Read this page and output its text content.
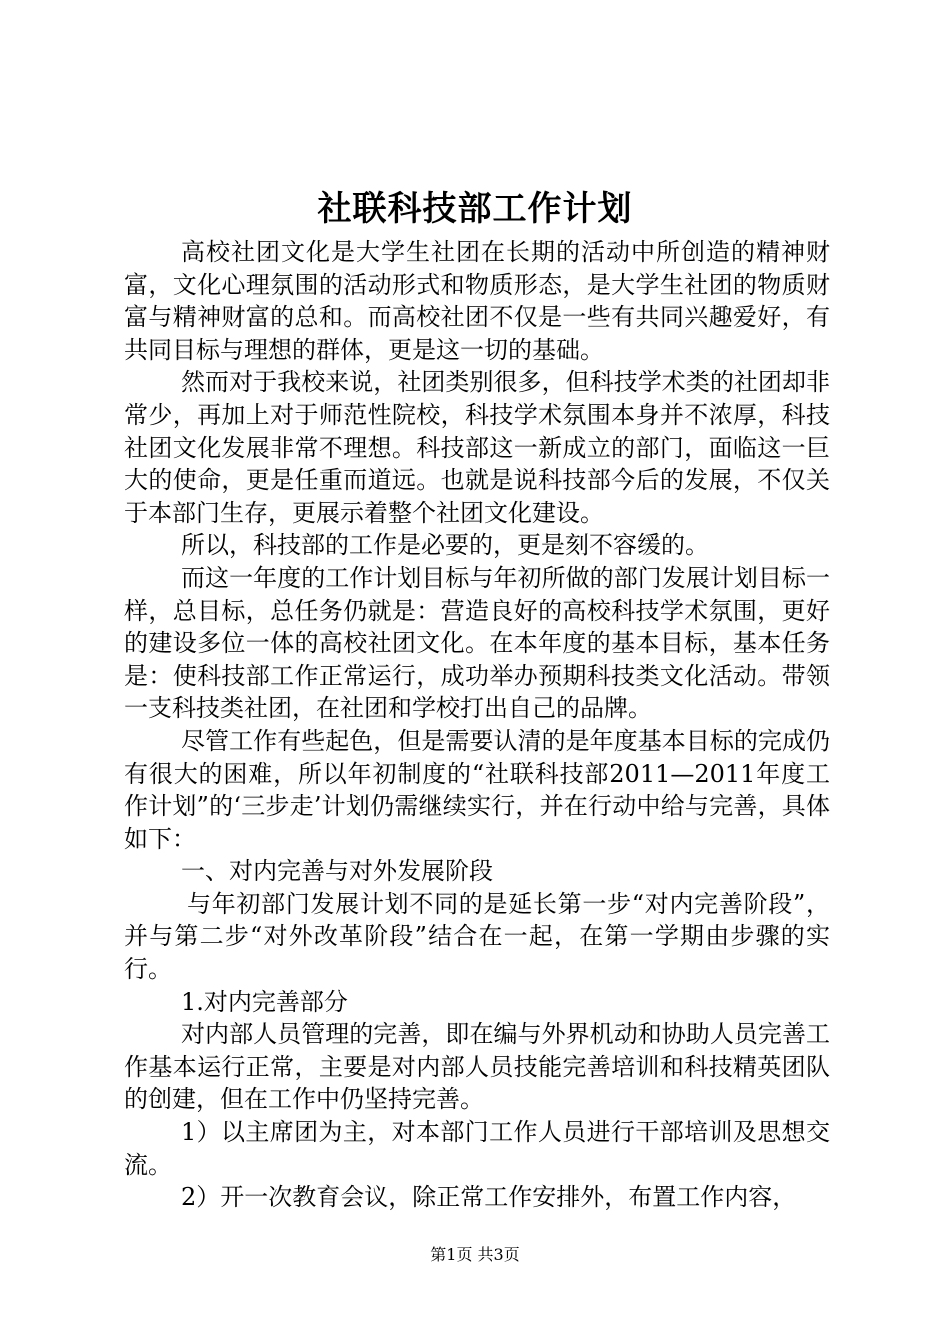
社联科技部工作计划

高校社团文化是大学生社团在长期的活动中所创造的精神财富，文化心理氛围的活动形式和物质形态，是大学生社团的物质财富与精神财富的总和。而高校社团不仅是一些有共同兴趣爱好，有共同目标与理想的群体，更是这一切的基础。

然而对于我校来说，社团类别很多，但科技学术类的社团却非常少，再加上对于师范性院校，科技学术氛围本身并不浓厚，科技社团文化发展非常不理想。科技部这一新成立的部门，面临这一巨大的使命，更是任重而道远。也就是说科技部今后的发展，不仅关于本部门生存，更展示着整个社团文化建设。

所以，科技部的工作是必要的，更是刻不容缓的。

而这一年度的工作计划目标与年初所做的部门发展计划目标一样，总目标，总任务仍就是：营造良好的高校科技学术氛围，更好的建设多位一体的高校社团文化。在本年度的基本目标，基本任务是：使科技部工作正常运行，成功举办预期科技类文化活动。带领一支科技类社团，在社团和学校打出自己的品牌。

尽管工作有些起色，但是需要认清的是年度基本目标的完成仍有很大的困难，所以年初制度的“社联科技部2011—2011年度工作计划”的‘三步走’计划仍需继续实行，并在行动中给与完善，具体如下：

一、对内完善与对外发展阶段

与年初部门发展计划不同的是延长第一步“对内完善阶段”，并与第二步“对外改革阶段”结合在一起，在第一学期由步骤的实行。

1.对内完善部分

对内部人员管理的完善，即在编与外界机动和协助人员完善工作基本运行正常，主要是对内部人员技能完善培训和科技精英团队的创建，但在工作中仍坚持完善。

1）以主席团为主，对本部门工作人员进行干部培训及思想交流。

2）开一次教育会议，除正常工作安排外，布置工作内容，

第1页 共3页
